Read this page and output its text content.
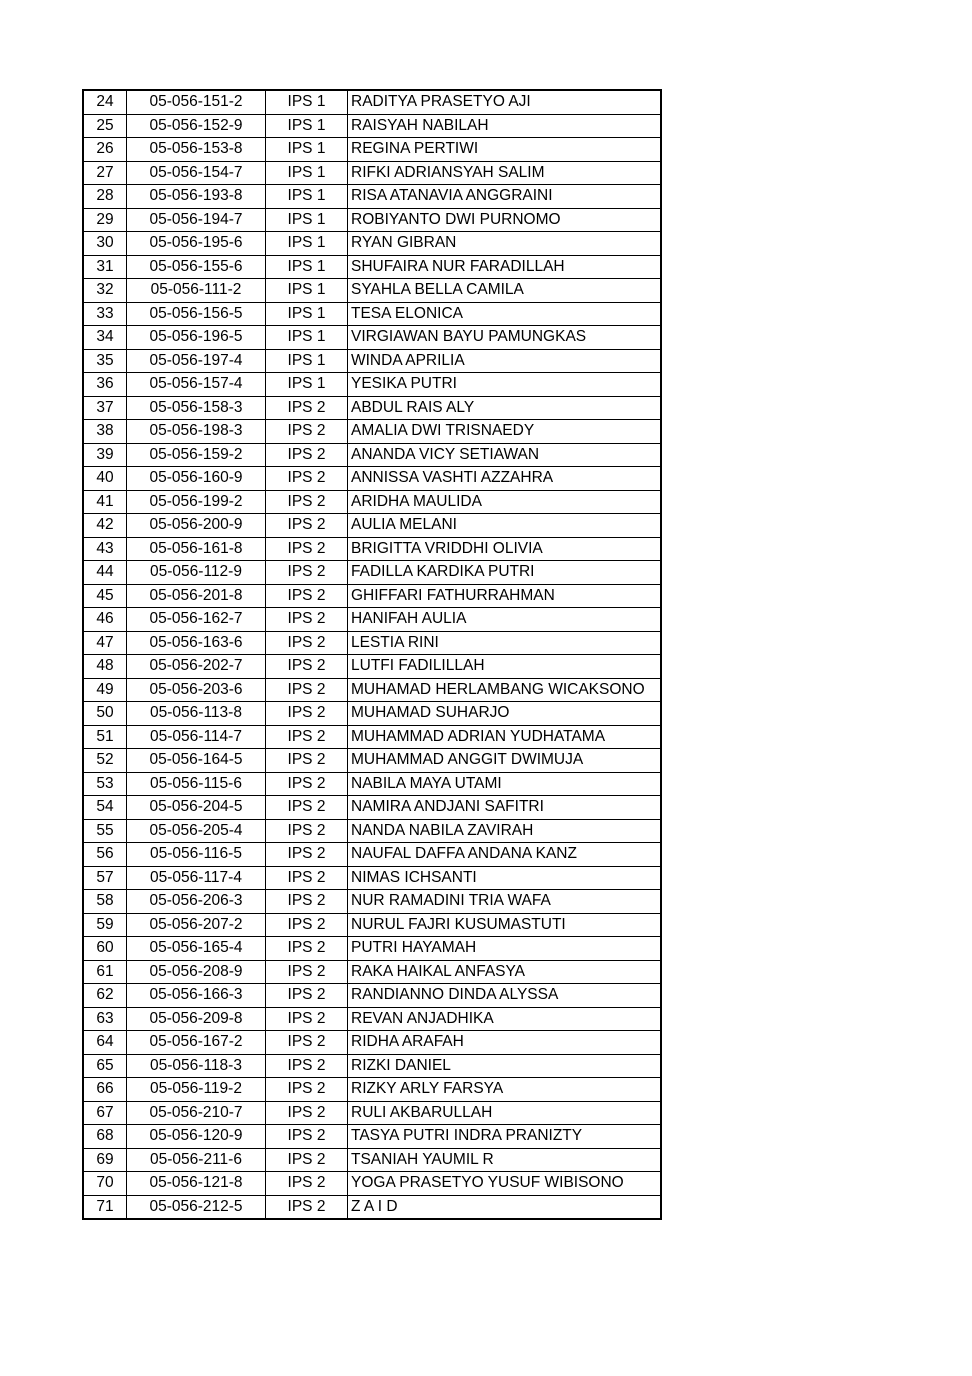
24	05-056-151-2	IPS 1	RADITYA PRASETYO AJI
25	05-056-152-9	IPS 1	RAISYAH NABILAH
26	05-056-153-8	IPS 1	REGINA PERTIWI
27	05-056-154-7	IPS 1	RIFKI ADRIANSYAH SALIM
28	05-056-193-8	IPS 1	RISA ATANAVIA ANGGRAINI
29	05-056-194-7	IPS 1	ROBIYANTO DWI PURNOMO
30	05-056-195-6	IPS 1	RYAN GIBRAN
31	05-056-155-6	IPS 1	SHUFAIRA NUR FARADILLAH
32	05-056-111-2	IPS 1	SYAHLA BELLA CAMILA
33	05-056-156-5	IPS 1	TESA ELONICA
34	05-056-196-5	IPS 1	VIRGIAWAN BAYU PAMUNGKAS
35	05-056-197-4	IPS 1	WINDA APRILIA
36	05-056-157-4	IPS 1	YESIKA PUTRI
37	05-056-158-3	IPS 2	ABDUL RAIS ALY
38	05-056-198-3	IPS 2	AMALIA DWI TRISNAEDY
39	05-056-159-2	IPS 2	ANANDA VICY SETIAWAN
40	05-056-160-9	IPS 2	ANNISSA VASHTI AZZAHRA
41	05-056-199-2	IPS 2	ARIDHA MAULIDA
42	05-056-200-9	IPS 2	AULIA MELANI
43	05-056-161-8	IPS 2	BRIGITTA VRIDDHI OLIVIA
44	05-056-112-9	IPS 2	FADILLA KARDIKA PUTRI
45	05-056-201-8	IPS 2	GHIFFARI FATHURRAHMAN
46	05-056-162-7	IPS 2	HANIFAH AULIA
47	05-056-163-6	IPS 2	LESTIA RINI
48	05-056-202-7	IPS 2	LUTFI FADILILLAH
49	05-056-203-6	IPS 2	MUHAMAD HERLAMBANG WICAKSONO
50	05-056-113-8	IPS 2	MUHAMAD SUHARJO
51	05-056-114-7	IPS 2	MUHAMMAD ADRIAN YUDHATAMA
52	05-056-164-5	IPS 2	MUHAMMAD ANGGIT DWIMUJA
53	05-056-115-6	IPS 2	NABILA MAYA UTAMI
54	05-056-204-5	IPS 2	NAMIRA ANDJANI SAFITRI
55	05-056-205-4	IPS 2	NANDA NABILA ZAVIRAH
56	05-056-116-5	IPS 2	NAUFAL DAFFA ANDANA KANZ
57	05-056-117-4	IPS 2	NIMAS ICHSANTI
58	05-056-206-3	IPS 2	NUR RAMADINI TRIA WAFA
59	05-056-207-2	IPS 2	NURUL FAJRI KUSUMASTUTI
60	05-056-165-4	IPS 2	PUTRI HAYAMAH
61	05-056-208-9	IPS 2	RAKA HAIKAL ANFASYA
62	05-056-166-3	IPS 2	RANDIANNO DINDA ALYSSA
63	05-056-209-8	IPS 2	REVAN ANJADHIKA
64	05-056-167-2	IPS 2	RIDHA ARAFAH
65	05-056-118-3	IPS 2	RIZKI DANIEL
66	05-056-119-2	IPS 2	RIZKY ARLY FARSYA
67	05-056-210-7	IPS 2	RULI AKBARULLAH
68	05-056-120-9	IPS 2	TASYA PUTRI INDRA PRANIZTY
69	05-056-211-6	IPS 2	TSANIAH YAUMIL R
70	05-056-121-8	IPS 2	YOGA PRASETYO YUSUF WIBISONO
71	05-056-212-5	IPS 2	Z A I D
